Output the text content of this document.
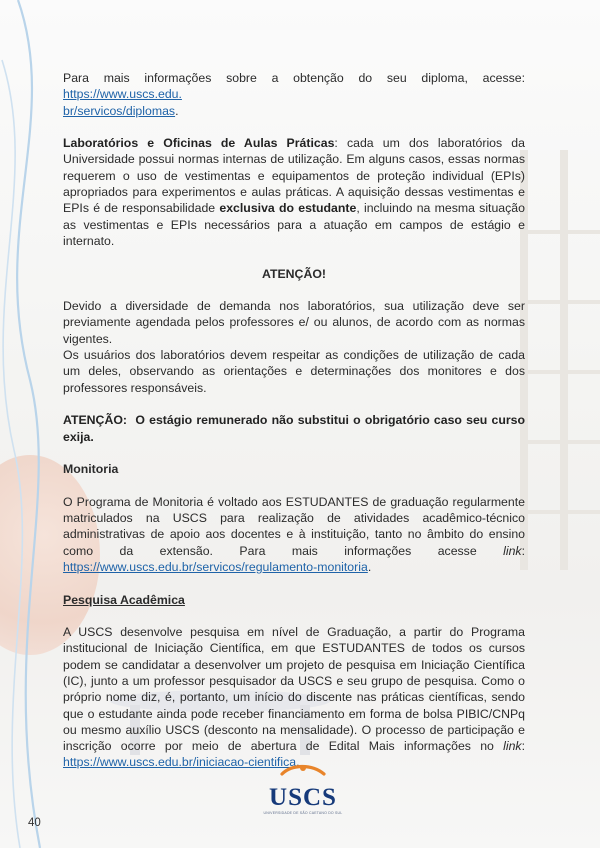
Para mais informações sobre a obtenção do seu diploma, acesse: https://www.uscs.edu.
br/servicos/diplomas.

Laboratórios e Oficinas de Aulas Práticas: cada um dos laboratórios da Universidade possui normas internas de utilização. Em alguns casos, essas normas requerem o uso de vestimentas e equipamentos de proteção individual (EPIs) apropriados para experimentos e aulas práticas. A aquisição dessas vestimentas e EPIs é de responsabilidade exclusiva do estudante, incluindo na mesma situação as vestimentas e EPIs necessários para a atuação em campos de estágio e internato.

ATENÇÃO!

Devido a diversidade de demanda nos laboratórios, sua utilização deve ser previamente agendada pelos professores e/ ou alunos, de acordo com as normas vigentes.

Os usuários dos laboratórios devem respeitar as condições de utilização de cada um deles, observando as orientações e determinações dos monitores e dos professores responsáveis.

ATENÇÃO: O estágio remunerado não substitui o obrigatório caso seu curso exija.

Monitoria

O Programa de Monitoria é voltado aos ESTUDANTES de graduação regularmente matriculados na USCS para realização de atividades acadêmico-técnico administrativas de apoio aos docentes e à instituição, tanto no âmbito do ensino como da extensão. Para mais informações acesse link: https://www.uscs.edu.br/servicos/regulamento-monitoria.

Pesquisa Acadêmica

A USCS desenvolve pesquisa em nível de Graduação, a partir do Programa institucional de Iniciação Científica, em que ESTUDANTES de todos os cursos podem se candidatar a desenvolver um projeto de pesquisa em Iniciação Científica (IC), junto a um professor pesquisador da USCS e seu grupo de pesquisa. Como o próprio nome diz, é, portanto, um início do discente nas práticas científicas, sendo que o estudante ainda pode receber financiamento em forma de bolsa PIBIC/CNPq ou mesmo auxílio USCS (desconto na mensalidade). O processo de participação e inscrição ocorre por meio de abertura de Edital Mais informações no link: https://www.uscs.edu.br/iniciacao-cientifica.

USCS
UNIVERSIDADE DE SÃO CAETANO DO SUL
40
